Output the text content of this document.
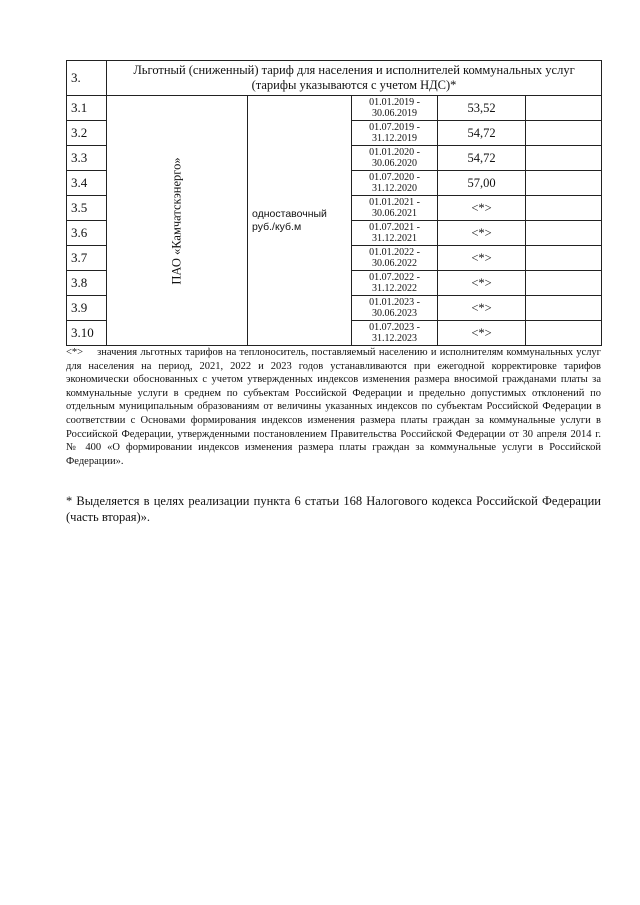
3.	Льготный (сниженный) тариф для населения и исполнителей коммунальных услуг (тарифы указываются с учетом НДС)*				
3.1	ПАО «Камчатскэнерго»	одноставочный руб./куб.м	01.01.2019 - 30.06.2019	53,52	
3.2			01.07.2019 - 31.12.2019	54,72	
3.3			01.01.2020 - 30.06.2020	54,72	
3.4			01.07.2020 - 31.12.2020	57,00	
3.5			01.01.2021 - 30.06.2021	<*>	
3.6			01.07.2021 - 31.12.2021	<*>	
3.7			01.01.2022 - 30.06.2022	<*>	
3.8			01.07.2022 - 31.12.2022	<*>	
3.9			01.01.2023 - 30.06.2023	<*>	
3.10			01.07.2023 - 31.12.2023	<*>	
<*> значения льготных тарифов на теплоноситель, поставляемый населению и исполнителям коммунальных услуг для населения на период, 2021, 2022 и 2023 годов устанавливаются при ежегодной корректировке тарифов экономически обоснованных с учетом утвержденных индексов изменения размера вносимой гражданами платы за коммунальные услуги в среднем по субъектам Российской Федерации и предельно допустимых отклонений по отдельным муниципальным образованиям от величины указанных индексов по субъектам Российской Федерации в соответствии с Основами формирования индексов изменения размера платы граждан за коммунальные услуги в Российской Федерации, утвержденными постановлением Правительства Российской Федерации от 30 апреля 2014 г. № 400 «О формировании индексов изменения размера платы граждан за коммунальные услуги в Российской Федерации».
* Выделяется в целях реализации пункта 6 статьи 168 Налогового кодекса Российской Федерации (часть вторая)».
